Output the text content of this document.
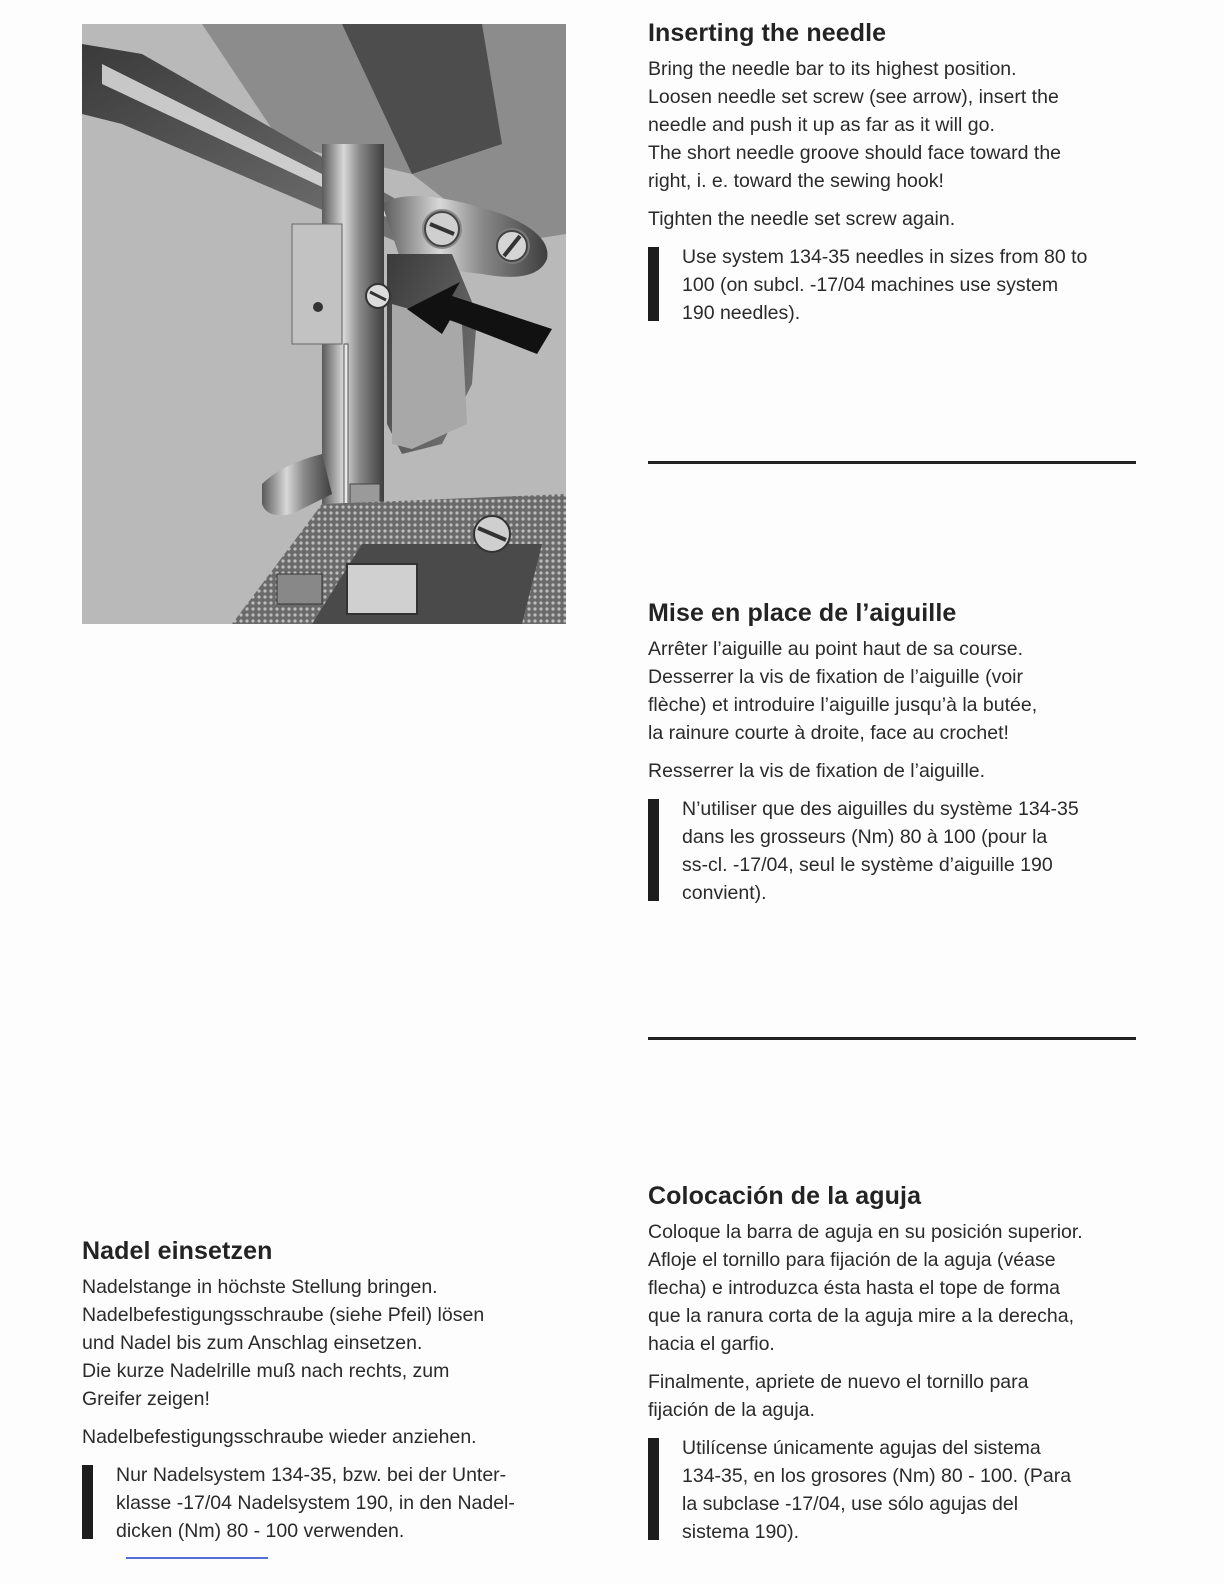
Inserting the needle

Bring the needle bar to its highest position.
Loosen needle set screw (see arrow), insert the
needle and push it up as far as it will go.
The short needle groove should face toward the
right, i. e. toward the sewing hook!

Tighten the needle set screw again.

Use system 134-35 needles in sizes from 80 to
100 (on subcl. -17/04 machines use system
190 needles).
Mise en place de l’aiguille

Arrêter l’aiguille au point haut de sa course.
Desserrer la vis de fixation de l’aiguille (voir
flèche) et introduire l’aiguille jusqu’à la butée,
la rainure courte à droite, face au crochet!

Resserrer la vis de fixation de l’aiguille.

N’utiliser que des aiguilles du système 134-35
dans les grosseurs (Nm) 80 à 100 (pour la
ss-cl. -17/04, seul le système d’aiguille 190
convient).
Colocación de la aguja

Coloque la barra de aguja en su posición superior.
Afloje el tornillo para fijación de la aguja (véase
flecha) e introduzca ésta hasta el tope de forma
que la ranura corta de la aguja mire a la derecha,
hacia el garfio.

Finalmente, apriete de nuevo el tornillo para
fijación de la aguja.

Utilícense únicamente agujas del sistema
134-35, en los grosores (Nm) 80 - 100. (Para
la subclase -17/04, use sólo agujas del
sistema 190).
Nadel einsetzen

Nadelstange in höchste Stellung bringen.
Nadelbefestigungsschraube (siehe Pfeil) lösen
und Nadel bis zum Anschlag einsetzen.
Die kurze Nadelrille muß nach rechts, zum
Greifer zeigen!

Nadelbefestigungsschraube wieder anziehen.

Nur Nadelsystem 134-35, bzw. bei der Unter-
klasse -17/04 Nadelsystem 190, in den Nadel-
dicken (Nm) 80 - 100 verwenden.
